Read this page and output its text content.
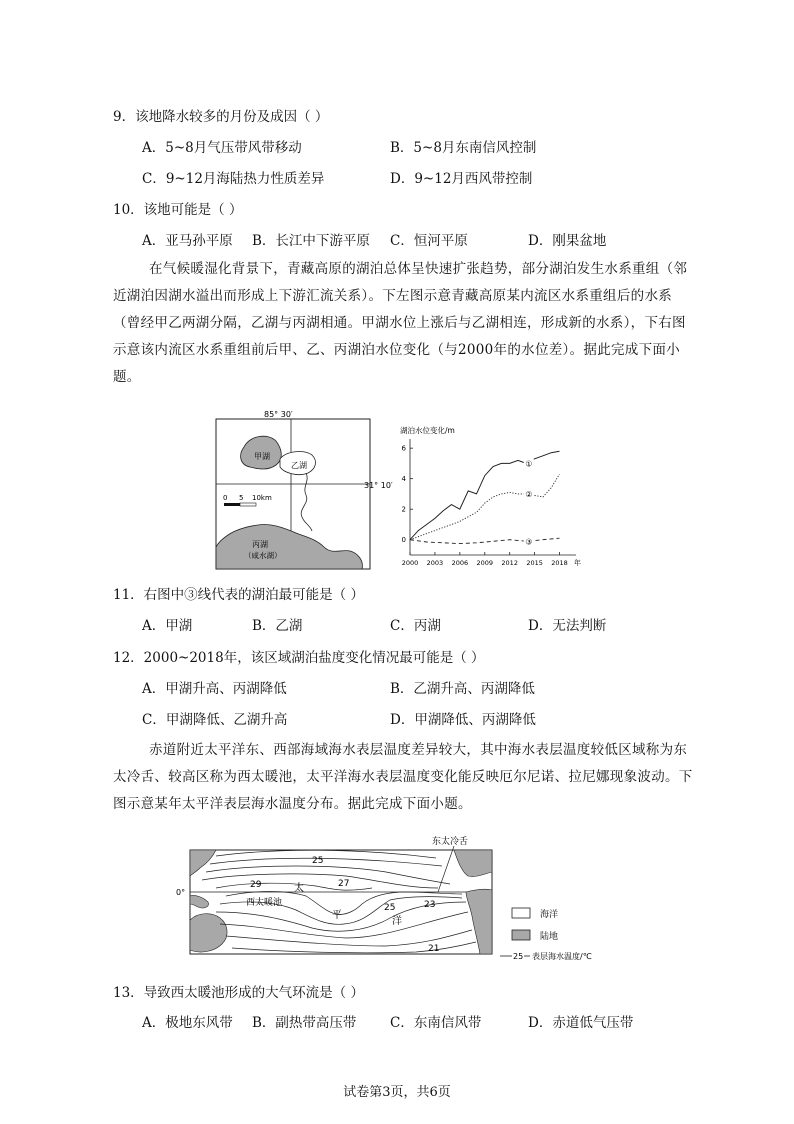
9．该地降水较多的月份及成因（ ）
A．5~8月气压带风带移动	B．5~8月东南信风控制
C．9~12月海陆热力性质差异	D．9~12月西风带控制
10．该地可能是（ ）
A．亚马孙平原 B．长江中下游平原 C．恒河平原	D．刚果盆地
在气候暖湿化背景下，青藏高原的湖泊总体呈快速扩张趋势，部分湖泊发生水系重组（邻近湖泊因湖水溢出而形成上下游汇流关系）。下左图示意青藏高原某内流区水系重组后的水系（曾经甲乙两湖分隔，乙湖与丙湖相通。甲湖水位上涨后与乙湖相连，形成新的水系），下右图示意该内流区水系重组前后甲、乙、丙湖泊水位变化（与2000年的水位差）。据此完成下面小题。
85° 30′
31° 10′
甲湖
乙湖
丙湖
（咸水湖）
0 5 10km
湖泊水位变化/m
0
2
4
6
2000 2003 2006 2009 2012 2015 2018 年
①
②
③
11．右图中③线代表的湖泊最可能是（ ）
A．甲湖	B．乙湖	C．丙湖	D．无法判断
12．2000~2018年，该区域湖泊盐度变化情况最可能是（ ）
A．甲湖升高、丙湖降低	B．乙湖升高、丙湖降低
C．甲湖降低、乙湖升高	D．甲湖降低、丙湖降低
赤道附近太平洋东、西部海域海水表层温度差异较大，其中海水表层温度较低区域称为东太冷舌、较高区称为西太暖池，太平洋海水表层温度变化能反映厄尔尼诺、拉尼娜现象波动。下图示意某年太平洋表层海水温度分布。据此完成下面小题。
0°
25
29	太	27
西太暖池
平
25
洋
23
21
东太冷舌
海洋
陆地
25 表层海水温度/℃
13．导致西太暖池形成的大气环流是（ ）
A．极地东风带 B．副热带高压带 C．东南信风带	D．赤道低气压带
试卷第3页，共6页
